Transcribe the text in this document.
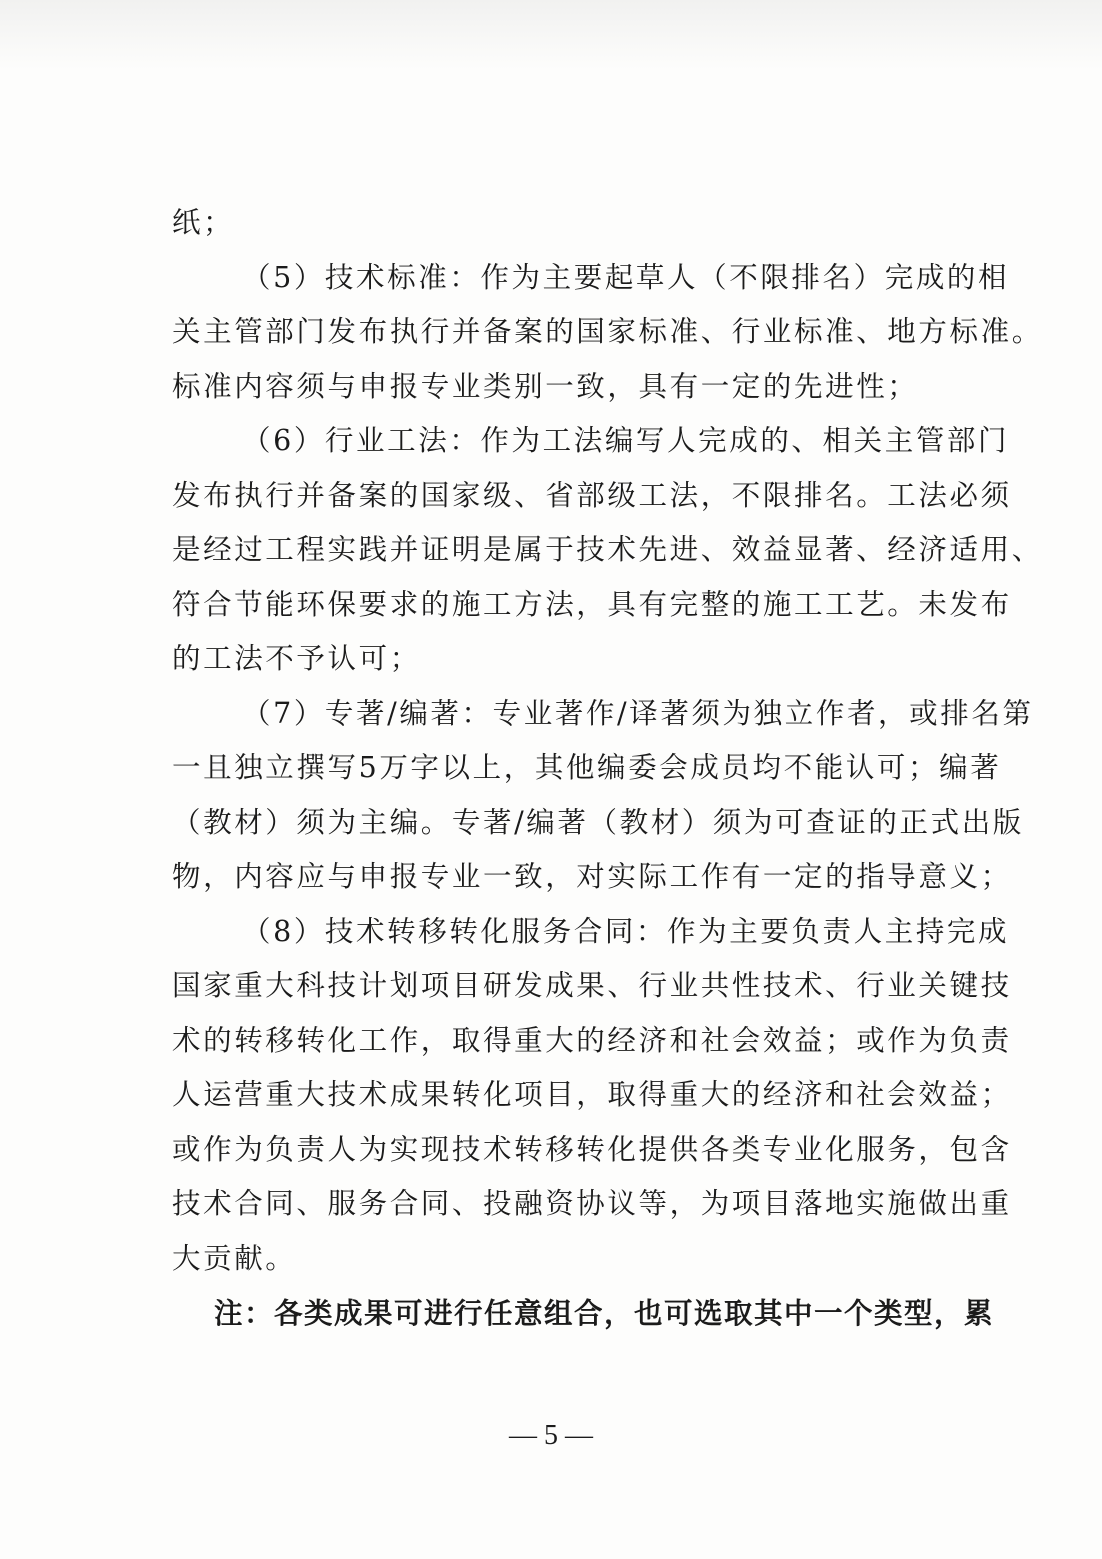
纸；
（5）技术标准：作为主要起草人（不限排名）完成的相
关主管部门发布执行并备案的国家标准、行业标准、地方标准。
标准内容须与申报专业类别一致，具有一定的先进性；
（6）行业工法：作为工法编写人完成的、相关主管部门
发布执行并备案的国家级、省部级工法，不限排名。工法必须
是经过工程实践并证明是属于技术先进、效益显著、经济适用、
符合节能环保要求的施工方法，具有完整的施工工艺。未发布
的工法不予认可；
（7）专著/编著：专业著作/译著须为独立作者，或排名第
一且独立撰写5万字以上，其他编委会成员均不能认可；编著
（教材）须为主编。专著/编著（教材）须为可查证的正式出版
物，内容应与申报专业一致，对实际工作有一定的指导意义；
（8）技术转移转化服务合同：作为主要负责人主持完成
国家重大科技计划项目研发成果、行业共性技术、行业关键技
术的转移转化工作，取得重大的经济和社会效益；或作为负责
人运营重大技术成果转化项目，取得重大的经济和社会效益；
或作为负责人为实现技术转移转化提供各类专业化服务，包含
技术合同、服务合同、投融资协议等，为项目落地实施做出重
大贡献。
注：各类成果可进行任意组合，也可选取其中一个类型，累
— 5 —
